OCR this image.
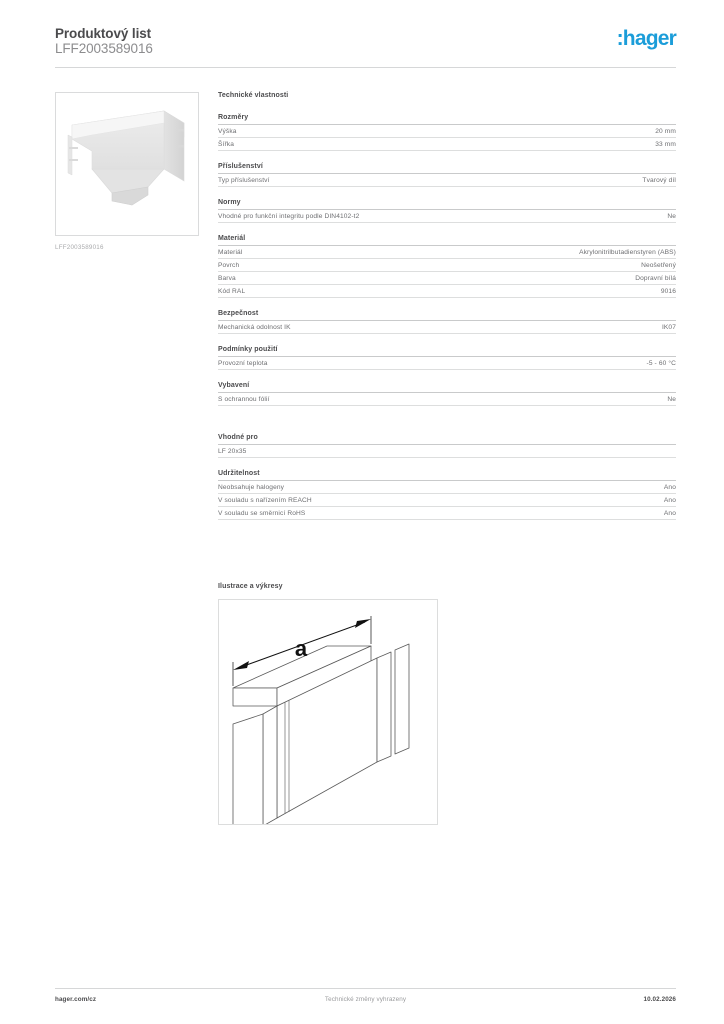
Produktový list
LFF2003589016	:hager
LFF2003589016
Technické vlastnosti
Rozměry
Výška	20 mm
Šířka	33 mm
Příslušenství
Typ příslušenství	Tvarový díl
Normy
Vhodné pro funkční integritu podle DIN4102-t2	Ne
Materiál
Materiál	Akrylonitrilbutadienstyren (ABS)
Povrch	Neošetřený
Barva	Dopravní bílá
Kód RAL	9016
Bezpečnost
Mechanická odolnost IK	IK07
Podmínky použití
Provozní teplota	-5 - 60 °C
Vybavení
S ochrannou fólií	Ne
Vhodné pro
LF 20x35
Udržitelnost
Neobsahuje halogeny	Ano
V souladu s nařízením REACH	Ano
V souladu se směrnicí RoHS	Ano
Ilustrace a výkresy
a
hager.com/cz	Technické změny vyhrazeny	10.02.2026
